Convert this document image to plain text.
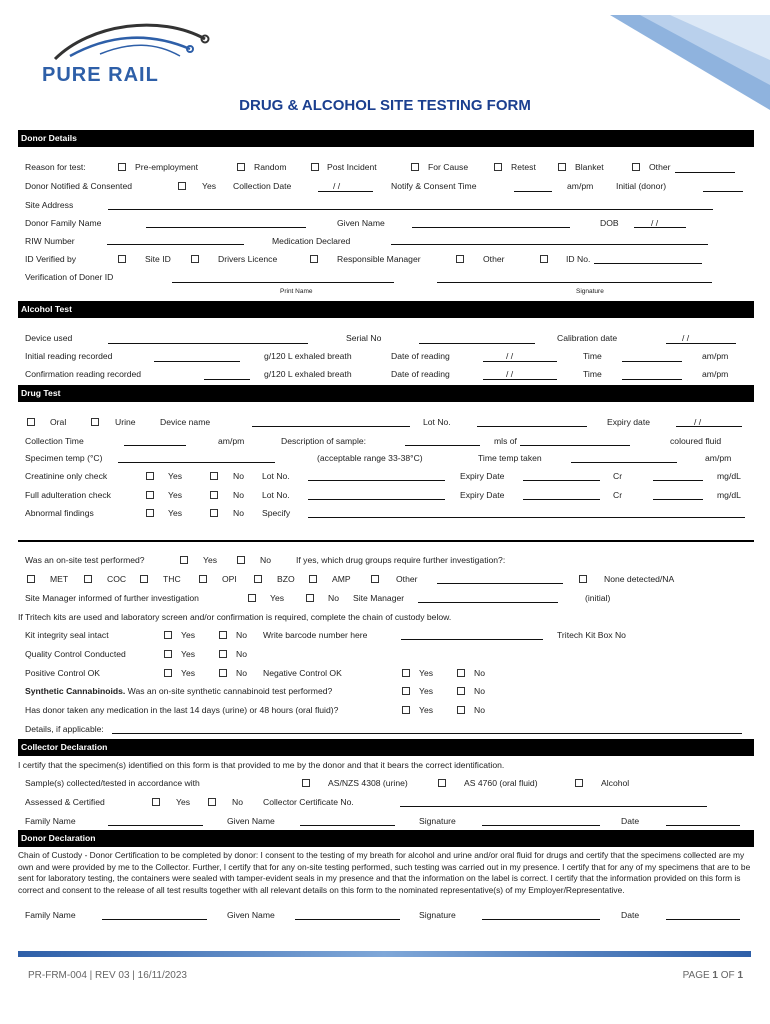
PURE RAIL
DRUG & ALCOHOL SITE TESTING FORM
Donor Details
Reason for test:	Pre-employment	Random	Post Incident	For Cause	Retest	Blanket	Other
Donor Notified & Consented	Yes Collection Date	/ /	Notify & Consent Time	am/pm	Initial (donor)
Site Address
Donor Family Name	Given Name	DOB	/ /
RIW Number	Medication Declared
ID Verified by	Site ID	Drivers Licence	Responsible Manager	Other	ID No.
Verification of Doner ID
Print Name	Signature
Alcohol Test
Device used	Serial No	Calibration date	/ /
Initial reading recorded	g/120 L exhaled breath	Date of reading	/ /	Time	am/pm
Confirmation reading recorded	g/120 L exhaled breath	Date of reading	/ /	Time	am/pm
Drug Test
Oral	Urine	Device name	Lot No.	Expiry date	/ /
Collection Time	am/pm	Description of sample:	mls of	coloured fluid
Specimen temp (°C)	(acceptable range 33-38°C)	Time temp taken	am/pm
Creatinine only check	Yes	No Lot No.	Expiry Date	Cr	mg/dL
Full adulteration check	Yes	No Lot No.	Expiry Date	Cr	mg/dL
Abnormal findings	Yes	No Specify
Was an on-site test performed?	Yes	No	If yes, which drug groups require further investigation?:
MET	COC	THC	OPI	BZO	AMP	Other	None detected/NA
Site Manager informed of further investigation	Yes	No Site Manager	(initial)
If Tritech kits are used and laboratory screen and/or confirmation is required, complete the chain of custody below.
Kit integrity seal intact	Yes	No Write barcode number here	Tritech Kit Box No
Quality Control Conducted	Yes	No
Positive Control OK	Yes	No Negative Control OK	Yes	No
Synthetic Cannabinoids. Was an on-site synthetic cannabinoid test performed?	Yes	No
Has donor taken any medication in the last 14 days (urine) or 48 hours (oral fluid)?	Yes	No
Details, if applicable:
Collector Declaration
I certify that the specimen(s) identified on this form is that provided to me by the donor and that it bears the correct identification.
Sample(s) collected/tested in accordance with	AS/NZS 4308 (urine)	AS 4760 (oral fluid)	Alcohol
Assessed & Certified	Yes	No Collector Certificate No.
Family Name	Given Name	Signature	Date
Donor Declaration
Chain of Custody - Donor Certification to be completed by donor: I consent to the testing of my breath for alcohol and urine and/or oral fluid for drugs and certify that the specimens collected are my own and were provided by me to the Collector. Further, I certify that for any on-site testing performed, such testing was carried out in my presence. I certify that for any of my specimens that are to be sent for laboratory testing, the containers were sealed with tamper-evident seals in my presence and that the information on the label is correct. I certify that the information provided on this form is correct and consent to the release of all test results together with all relevant details on this form to the nominated representative(s) of my Employer/Representative.
Family Name	Given Name	Signature	Date
PR-FRM-004 | REV 03 | 16/11/2023	PAGE 1 OF 1
